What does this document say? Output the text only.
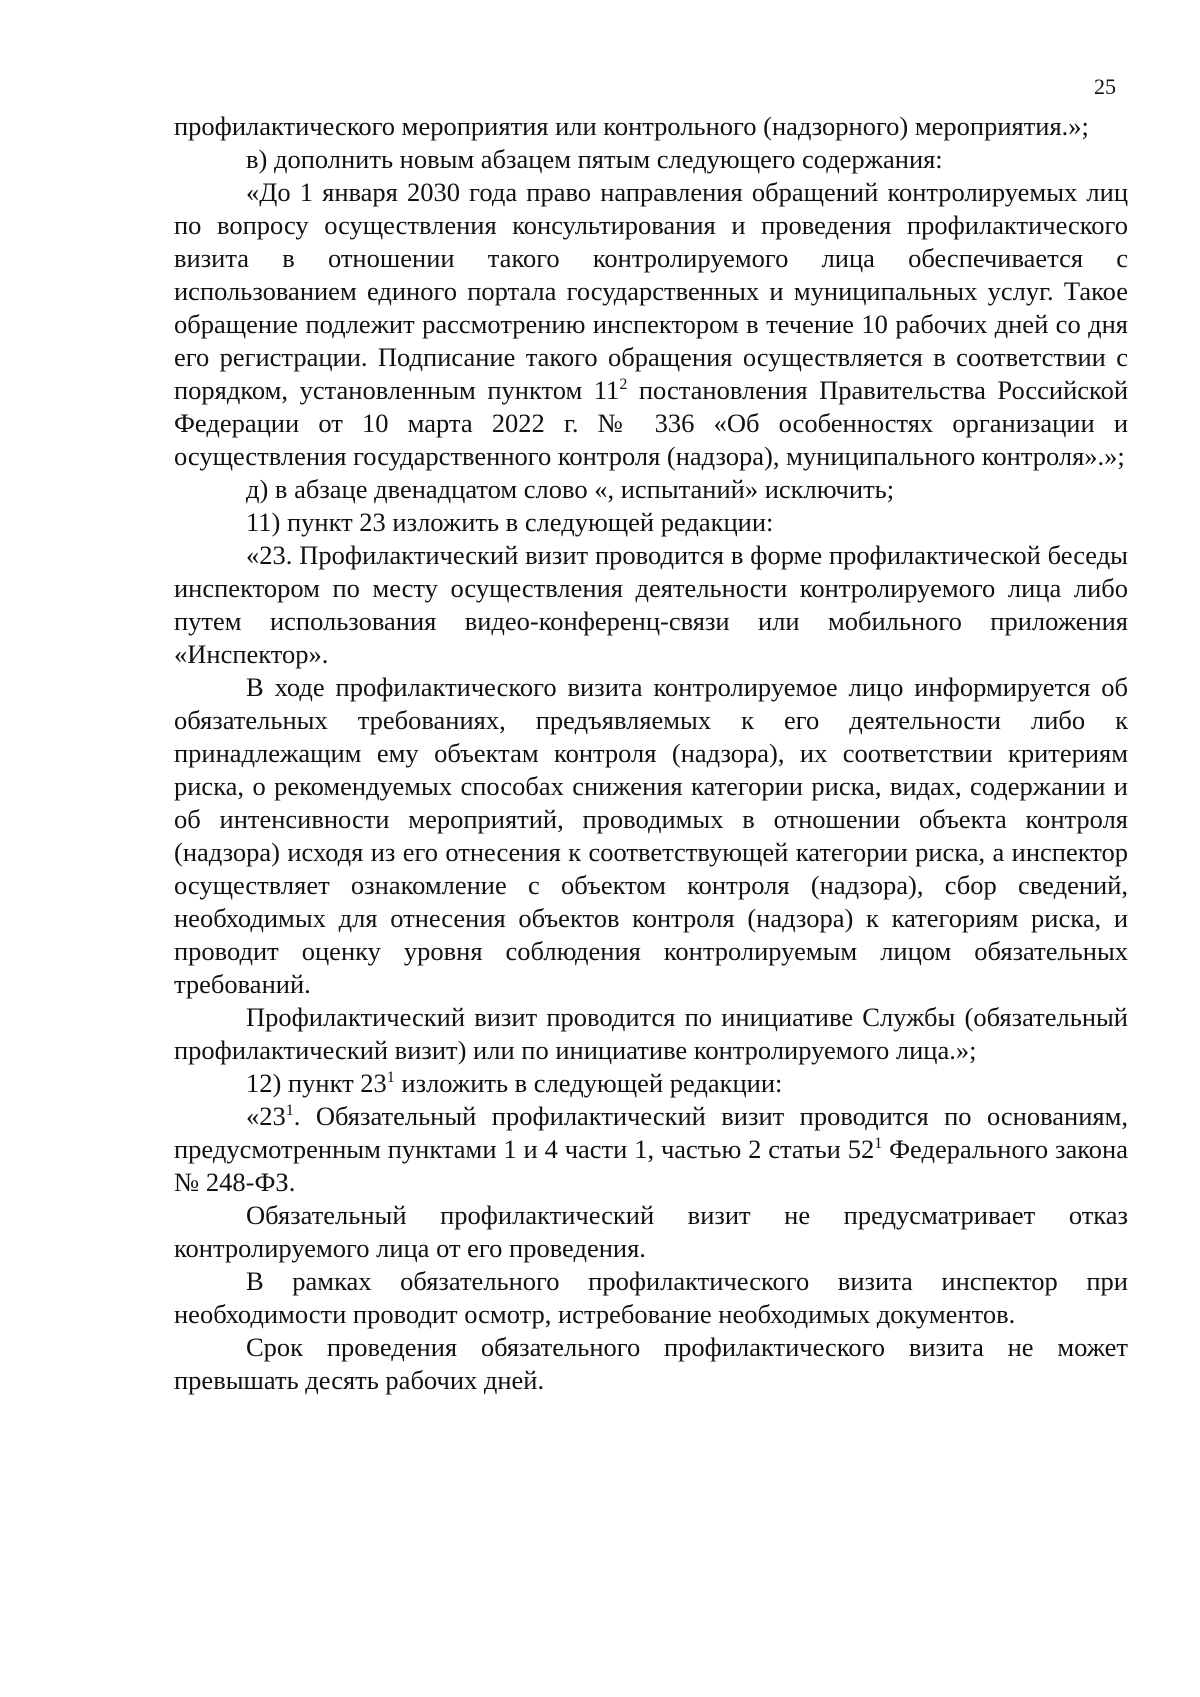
25

профилактического мероприятия или контрольного (надзорного) мероприятия.»;

в) дополнить новым абзацем пятым следующего содержания:

«До 1 января 2030 года право направления обращений контролируемых лиц по вопросу осуществления консультирования и проведения профилактического визита в отношении такого контролируемого лица обеспечивается с использованием единого портала государственных и муниципальных услуг. Такое обращение подлежит рассмотрению инспектором в течение 10 рабочих дней со дня его регистрации. Подписание такого обращения осуществляется в соответствии с порядком, установленным пунктом $11^2$ постановления Правительства Российской Федерации от 10 марта 2022 г. № 336 «Об особенностях организации и осуществления государственного контроля (надзора), муниципального контроля».»;

д) в абзаце двенадцатом слово «, испытаний» исключить;

11) пункт 23 изложить в следующей редакции:

«23. Профилактический визит проводится в форме профилактической беседы инспектором по месту осуществления деятельности контролируемого лица либо путем использования видео-конференц-связи или мобильного приложения «Инспектор».

В ходе профилактического визита контролируемое лицо информируется об обязательных требованиях, предъявляемых к его деятельности либо к принадлежащим ему объектам контроля (надзора), их соответствии критериям риска, о рекомендуемых способах снижения категории риска, видах, содержании и об интенсивности мероприятий, проводимых в отношении объекта контроля (надзора) исходя из его отнесения к соответствующей категории риска, а инспектор осуществляет ознакомление с объектом контроля (надзора), сбор сведений, необходимых для отнесения объектов контроля (надзора) к категориям риска, и проводит оценку уровня соблюдения контролируемым лицом обязательных требований.

Профилактический визит проводится по инициативе Службы (обязательный профилактический визит) или по инициативе контролируемого лица.»;

12) пункт $23^1$ изложить в следующей редакции:

«$23^1$. Обязательный профилактический визит проводится по основаниям, предусмотренным пунктами 1 и 4 части 1, частью 2 статьи $52^1$ Федерального закона № 248-ФЗ.

Обязательный профилактический визит не предусматривает отказ контролируемого лица от его проведения.

В рамках обязательного профилактического визита инспектор при необходимости проводит осмотр, истребование необходимых документов.

Срок проведения обязательного профилактического визита не может превышать десять рабочих дней.
